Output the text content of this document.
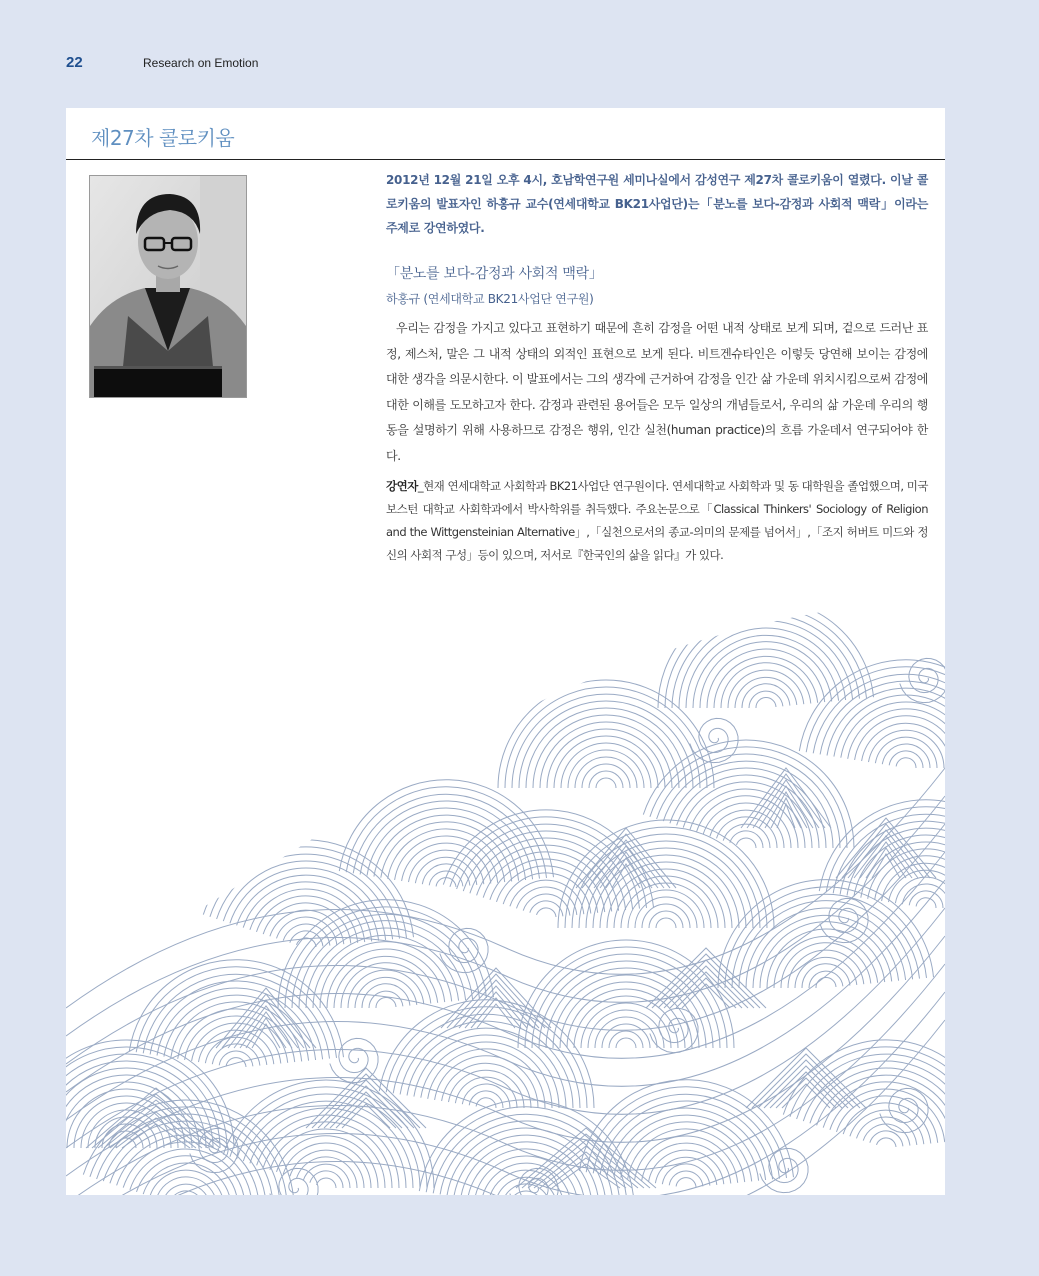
22	Research on Emotion
제27차 콜로키움

2012년 12월 21일 오후 4시, 호남학연구원 세미나실에서 감성연구 제27차 콜로키움이 열렸다. 이날 콜로키움의 발표자인 하홍규 교수(연세대학교 BK21사업단)는「분노를 보다-감정과 사회적 맥락」이라는 주제로 강연하였다.

「분노를 보다-감정과 사회적 맥락」

하홍규 (연세대학교 BK21사업단 연구원)

우리는 감정을 가지고 있다고 표현하기 때문에 흔히 감정을 어떤 내적 상태로 보게 되며, 겉으로 드러난 표정, 제스처, 말은 그 내적 상태의 외적인 표현으로 보게 된다. 비트겐슈타인은 이렇듯 당연해 보이는 감정에 대한 생각을 의문시한다. 이 발표에서는 그의 생각에 근거하여 감정을 인간 삶 가운데 위치시킴으로써 감정에 대한 이해를 도모하고자 한다. 감정과 관련된 용어들은 모두 일상의 개념들로서, 우리의 삶 가운데 우리의 행동을 설명하기 위해 사용하므로 감정은 행위, 인간 실천(human practice)의 흐름 가운데서 연구되어야 한다.

강연자_현재 연세대학교 사회학과 BK21사업단 연구원이다. 연세대학교 사회학과 및 동 대학원을 졸업했으며, 미국 보스턴 대학교 사회학과에서 박사학위를 취득했다. 주요논문으로「Classical Thinkers' Sociology of Religion and the Wittgensteinian Alternative」,「실천으로서의 종교-의미의 문제를 넘어서」,「조지 허버트 미드와 정신의 사회적 구성」등이 있으며, 저서로『한국인의 삶을 읽다』가 있다.
